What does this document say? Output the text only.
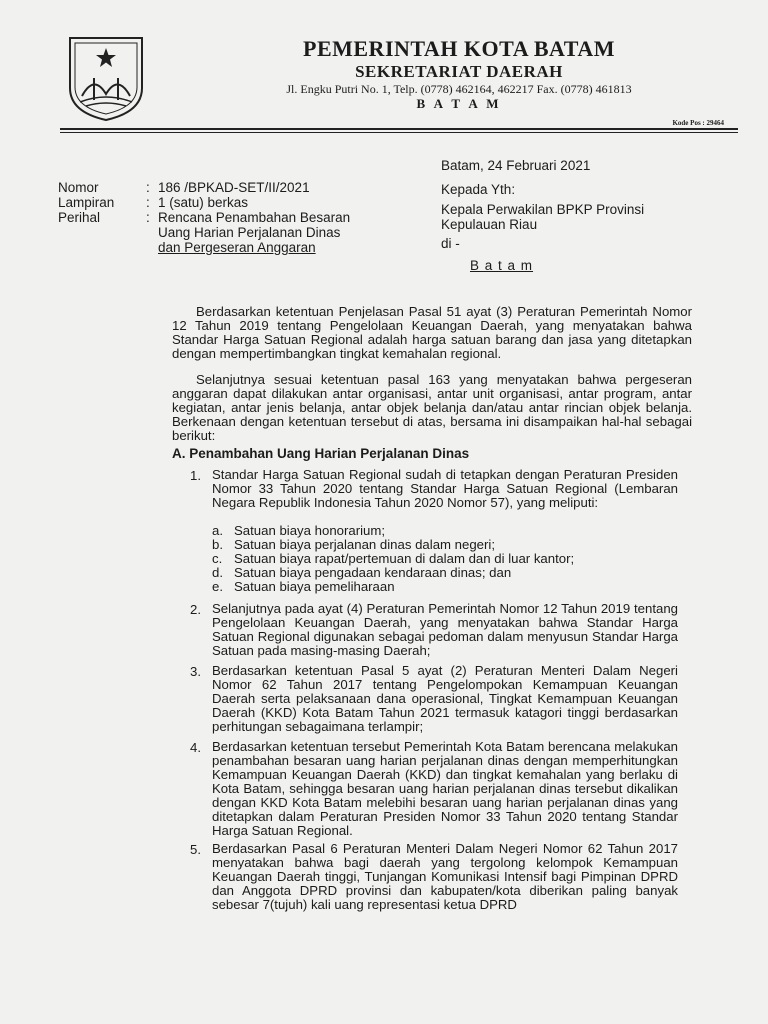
PEMERINTAH KOTA BATAM
SEKRETARIAT DAERAH
Jl. Engku Putri No. 1, Telp. (0778) 462164, 462217 Fax. (0778) 461813
B A T A M
Kode Pos : 29464
Batam, 24 Februari 2021
Nomor	: 186 /BPKAD-SET/II/2021
Lampiran : 1 (satu) berkas
Perihal	: Rencana Penambahan Besaran
Uang Harian Perjalanan Dinas
dan Pergeseran Anggaran
Kepada Yth:
Kepala Perwakilan BPKP Provinsi
Kepulauan Riau
di -
B a t a m
Berdasarkan ketentuan Penjelasan Pasal 51 ayat (3) Peraturan Pemerintah Nomor 12 Tahun 2019 tentang Pengelolaan Keuangan Daerah, yang menyatakan bahwa Standar Harga Satuan Regional adalah harga satuan barang dan jasa yang ditetapkan dengan mempertimbangkan tingkat kemahalan regional.
Selanjutnya sesuai ketentuan pasal 163 yang menyatakan bahwa pergeseran anggaran dapat dilakukan antar organisasi, antar unit organisasi, antar program, antar kegiatan, antar jenis belanja, antar objek belanja dan/atau antar rincian objek belanja. Berkenaan dengan ketentuan tersebut di atas, bersama ini disampaikan hal-hal sebagai berikut:
A. Penambahan Uang Harian Perjalanan Dinas
1. Standar Harga Satuan Regional sudah di tetapkan dengan Peraturan Presiden Nomor 33 Tahun 2020 tentang Standar Harga Satuan Regional (Lembaran Negara Republik Indonesia Tahun 2020 Nomor 57), yang meliputi:
a. Satuan biaya honorarium;
b. Satuan biaya perjalanan dinas dalam negeri;
c. Satuan biaya rapat/pertemuan di dalam dan di luar kantor;
d. Satuan biaya pengadaan kendaraan dinas; dan
e. Satuan biaya pemeliharaan
2. Selanjutnya pada ayat (4) Peraturan Pemerintah Nomor 12 Tahun 2019 tentang Pengelolaan Keuangan Daerah, yang menyatakan bahwa Standar Harga Satuan Regional digunakan sebagai pedoman dalam menyusun Standar Harga Satuan pada masing-masing Daerah;
3. Berdasarkan ketentuan Pasal 5 ayat (2) Peraturan Menteri Dalam Negeri Nomor 62 Tahun 2017 tentang Pengelompokan Kemampuan Keuangan Daerah serta pelaksanaan dana operasional, Tingkat Kemampuan Keuangan Daerah (KKD) Kota Batam Tahun 2021 termasuk katagori tinggi berdasarkan perhitungan sebagaimana terlampir;
4. Berdasarkan ketentuan tersebut Pemerintah Kota Batam berencana melakukan penambahan besaran uang harian perjalanan dinas dengan memperhitungkan Kemampuan Keuangan Daerah (KKD) dan tingkat kemahalan yang berlaku di Kota Batam, sehingga besaran uang harian perjalanan dinas tersebut dikalikan dengan KKD Kota Batam melebihi besaran uang harian perjalanan dinas yang ditetapkan dalam Peraturan Presiden Nomor 33 Tahun 2020 tentang Standar Harga Satuan Regional.
5. Berdasarkan Pasal 6 Peraturan Menteri Dalam Negeri Nomor 62 Tahun 2017 menyatakan bahwa bagi daerah yang tergolong kelompok Kemampuan Keuangan Daerah tinggi, Tunjangan Komunikasi Intensif bagi Pimpinan DPRD dan Anggota DPRD provinsi dan kabupaten/kota diberikan paling banyak sebesar 7(tujuh) kali uang representasi ketua DPRD
